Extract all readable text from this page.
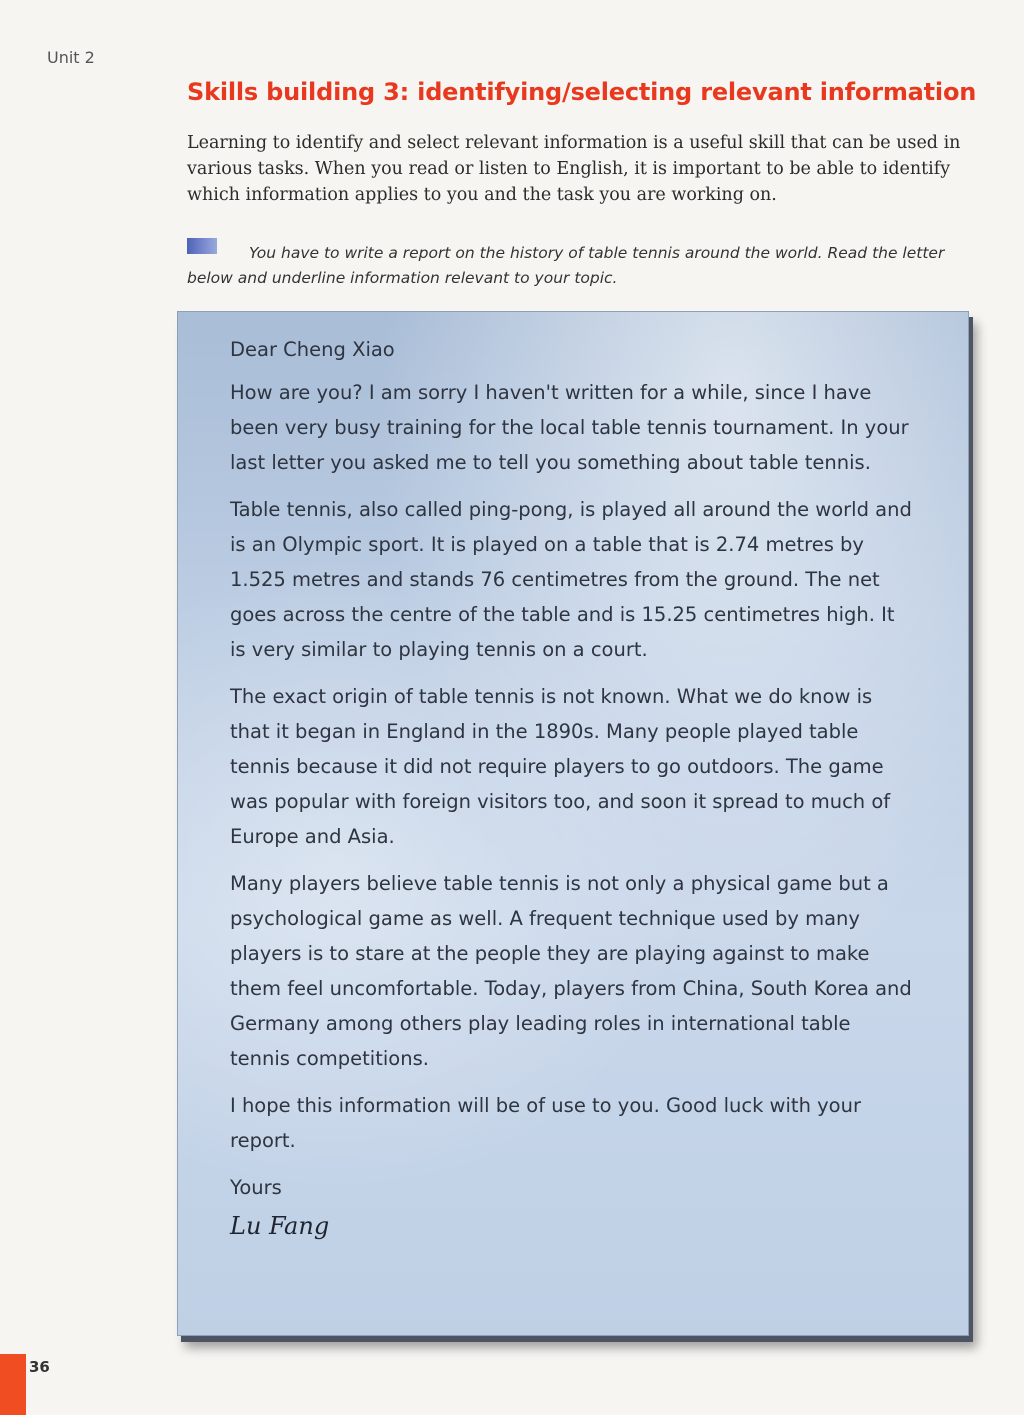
Unit 2
Skills building 3: identifying/selecting relevant information

Learning to identify and select relevant information is a useful skill that can be used in various tasks. When you read or listen to English, it is important to be able to identify which information applies to you and the task you are working on.

You have to write a report on the history of table tennis around the world. Read the letter below and underline information relevant to your topic.

Dear Cheng Xiao

How are you? I am sorry I haven't written for a while, since I have been very busy training for the local table tennis tournament. In your last letter you asked me to tell you something about table tennis.

Table tennis, also called ping-pong, is played all around the world and is an Olympic sport. It is played on a table that is 2.74 metres by 1.525 metres and stands 76 centimetres from the ground. The net goes across the centre of the table and is 15.25 centimetres high. It is very similar to playing tennis on a court.

The exact origin of table tennis is not known. What we do know is that it began in England in the 1890s. Many people played table tennis because it did not require players to go outdoors. The game was popular with foreign visitors too, and soon it spread to much of Europe and Asia.

Many players believe table tennis is not only a physical game but a psychological game as well. A frequent technique used by many players is to stare at the people they are playing against to make them feel uncomfortable. Today, players from China, South Korea and Germany among others play leading roles in international table tennis competitions.

I hope this information will be of use to you. Good luck with your report.

Yours

Lu Fang
36
